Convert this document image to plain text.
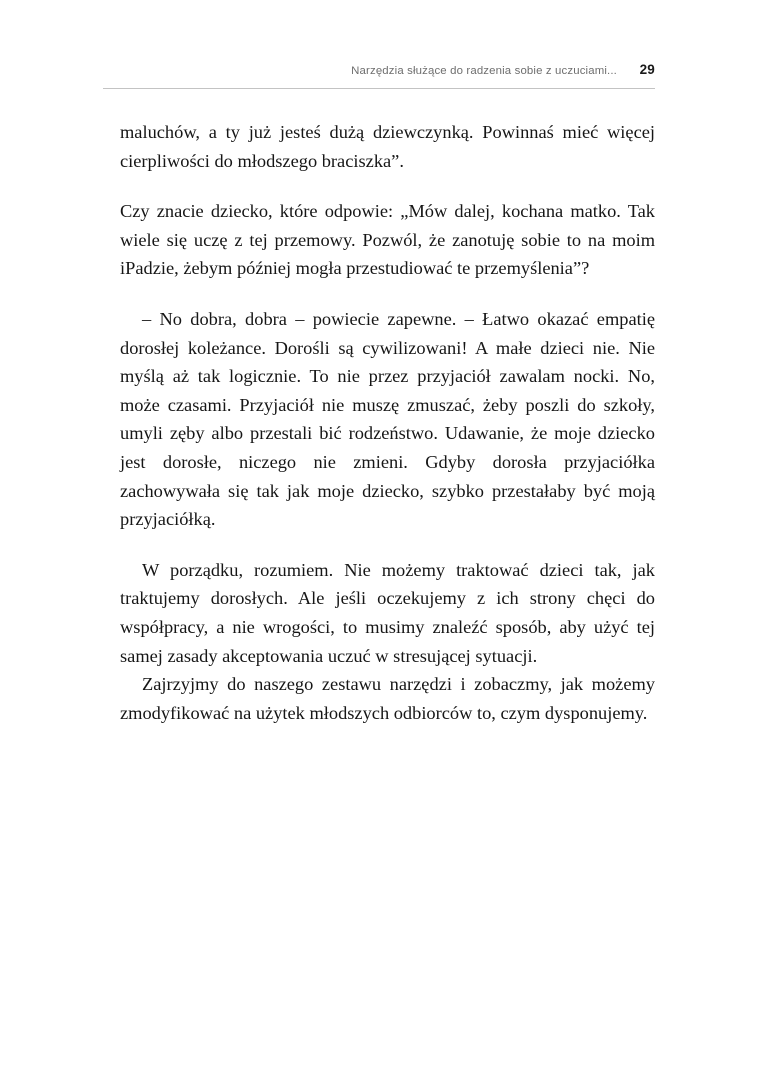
Narzędzia służące do radzenia sobie z uczuciami...	29

maluchów, a ty już jesteś dużą dziewczynką. Powinnaś mieć więcej cierpliwości do młodszego braciszka”.

Czy znacie dziecko, które odpowie: „Mów dalej, kochana matko. Tak wiele się uczę z tej przemowy. Pozwól, że zanotuję sobie to na moim iPadzie, żebym później mogła przestudiować te przemyślenia”?

– No dobra, dobra – powiecie zapewne. – Łatwo okazać empatię dorosłej koleżance. Dorośli są cywilizowani! A małe dzieci nie. Nie myślą aż tak logicznie. To nie przez przyjaciół zawalam nocki. No, może czasami. Przyjaciół nie muszę zmuszać, żeby poszli do szkoły, umyli zęby albo przestali bić rodzeństwo. Udawanie, że moje dziecko jest dorosłe, niczego nie zmieni. Gdyby dorosła przyjaciółka zachowywała się tak jak moje dziecko, szybko przestałaby być moją przyjaciółką.

W porządku, rozumiem. Nie możemy traktować dzieci tak, jak traktujemy dorosłych. Ale jeśli oczekujemy z ich strony chęci do współpracy, a nie wrogości, to musimy znaleźć sposób, aby użyć tej samej zasady akceptowania uczuć w stresującej sytuacji.

Zajrzyjmy do naszego zestawu narzędzi i zobaczmy, jak możemy zmodyfikować na użytek młodszych odbiorców to, czym dysponujemy.
